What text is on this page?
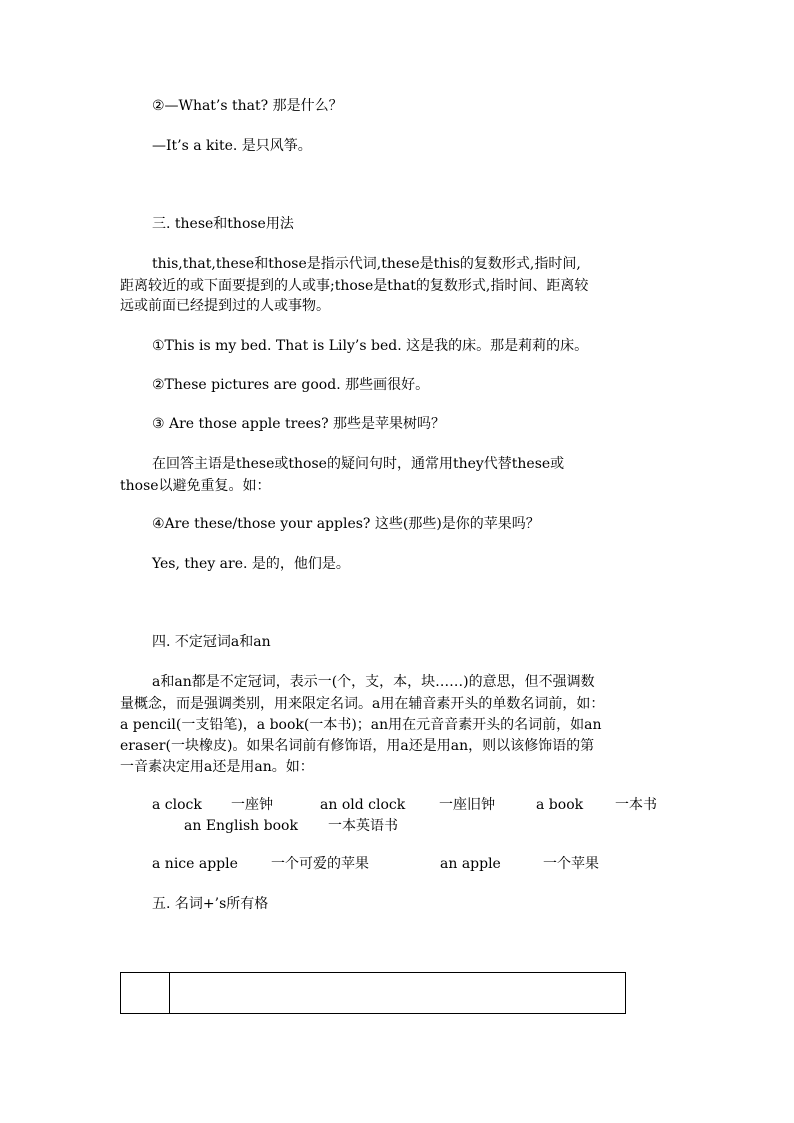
②—What’s that? 那是什么？
—It’s a kite. 是只风筝。
三. these和those用法
this,that,these和those是指示代词,these是this的复数形式,指时间,
距离较近的或下面要提到的人或事;those是that的复数形式,指时间、距离较
远或前面已经提到过的人或事物。
①This is my bed. That is Lily’s bed. 这是我的床。那是莉莉的床。
②These pictures are good. 那些画很好。
③ Are those apple trees? 那些是苹果树吗？
在回答主语是these或those的疑问句时，通常用they代替these或
those以避免重复。如：
④Are these/those your apples? 这些(那些)是你的苹果吗？
Yes, they are. 是的，他们是。
四. 不定冠词a和an
a和an都是不定冠词，表示一(个，支，本，块……)的意思，但不强调数
量概念，而是强调类别，用来限定名词。a用在辅音素开头的单数名词前，如：
a pencil(一支铅笔)，a book(一本书)；an用在元音音素开头的名词前，如an
eraser(一块橡皮)。如果名词前有修饰语，用a还是用an，则以该修饰语的第
一音素决定用a还是用an。如：
a clock 一座钟	an old clock 一座旧钟	a book 一本书
an English book 一本英语书
a nice apple 一个可爱的苹果	an apple	一个苹果
五. 名词+’s所有格
